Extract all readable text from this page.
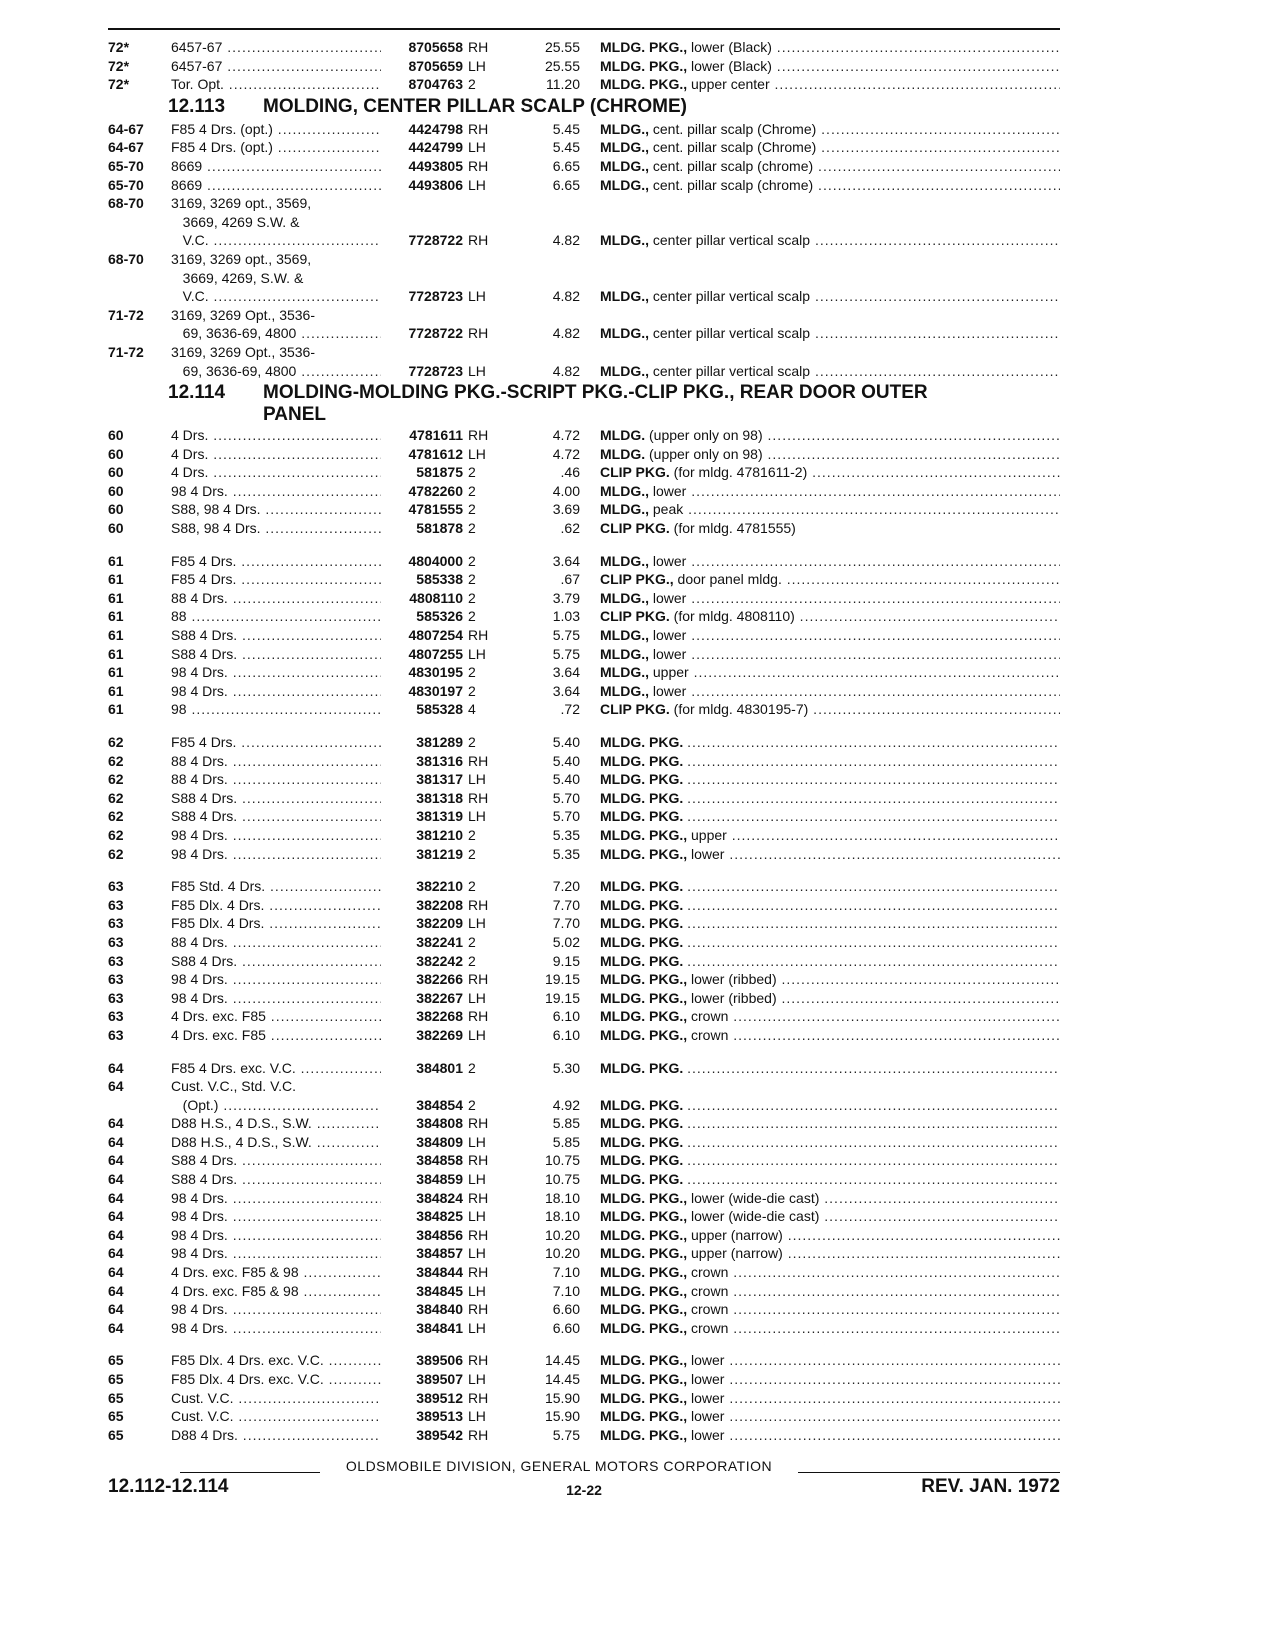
72*	6457-67 .....	8705658 RH	25.55 MLDG. PKG., lower (Black) .....
72*	6457-67 .....	8705659 LH	25.55 MLDG. PKG., lower (Black) .....
72*	Tor. Opt. .....	8704763 2	11.20 MLDG. PKG., upper center .....
12.113 MOLDING, CENTER PILLAR SCALP (CHROME)
64-67	F85 4 Drs. (opt.) .....	4424798 RH	5.45 MLDG., cent. pillar scalp (Chrome) .....
64-67	F85 4 Drs. (opt.) .....	4424799 LH	5.45 MLDG., cent. pillar scalp (Chrome) .....
65-70	8669 .....	4493805 RH	6.65 MLDG., cent. pillar scalp (chrome) .....
65-70	8669 .....	4493806 LH	6.65 MLDG., cent. pillar scalp (chrome) .....
68-70	3169, 3269 opt., 3569,
3669, 4269 S.W. &
V.C. .....	7728722 RH	4.82 MLDG., center pillar vertical scalp .....
68-70	3169, 3269 opt., 3569,
3669, 4269, S.W. &
V.C. .....	7728723 LH	4.82 MLDG., center pillar vertical scalp .....
71-72	3169, 3269 Opt., 3536-
69, 3636-69, 4800 .....	7728722 RH	4.82 MLDG., center pillar vertical scalp .....
71-72	3169, 3269 Opt., 3536-
69, 3636-69, 4800 .....	7728723 LH	4.82 MLDG., center pillar vertical scalp .....
12.114 MOLDING-MOLDING PKG.-SCRIPT PKG.-CLIP PKG., REAR DOOR OUTER
PANEL
60	4 Drs. .....	4781611 RH	4.72 MLDG. (upper only on 98) .....
60	4 Drs. .....	4781612 LH	4.72 MLDG. (upper only on 98) .....
60	4 Drs. .....	581875 2	.46 CLIP PKG. (for mldg. 4781611-2) .....
60	98 4 Drs. .....	4782260 2	4.00 MLDG., lower .....
60	S88, 98 4 Drs. .....	4781555 2	3.69 MLDG., peak .....
60	S88, 98 4 Drs. .....	581878 2	.62 CLIP PKG. (for mldg. 4781555)
61	F85 4 Drs. .....	4804000 2	3.64 MLDG., lower .....
61	F85 4 Drs. .....	585338 2	.67 CLIP PKG., door panel mldg. .....
61	88 4 Drs. .....	4808110 2	3.79 MLDG., lower .....
61	88 .....	585326 2	1.03 CLIP PKG. (for mldg. 4808110) .....
61	S88 4 Drs. .....	4807254 RH	5.75 MLDG., lower .....
61	S88 4 Drs. .....	4807255 LH	5.75 MLDG., lower .....
61	98 4 Drs. .....	4830195 2	3.64 MLDG., upper .....
61	98 4 Drs. .....	4830197 2	3.64 MLDG., lower .....
61	98 .....	585328 4	.72 CLIP PKG. (for mldg. 4830195-7) .....
62	F85 4 Drs. .....	381289 2	5.40 MLDG. PKG. .....
62	88 4 Drs. .....	381316 RH	5.40 MLDG. PKG. .....
62	88 4 Drs. .....	381317 LH	5.40 MLDG. PKG. .....
62	S88 4 Drs. .....	381318 RH	5.70 MLDG. PKG. .....
62	S88 4 Drs. .....	381319 LH	5.70 MLDG. PKG. .....
62	98 4 Drs. .....	381210 2	5.35 MLDG. PKG., upper .....
62	98 4 Drs. .....	381219 2	5.35 MLDG. PKG., lower .....
63	F85 Std. 4 Drs. .....	382210 2	7.20 MLDG. PKG. .....
63	F85 Dlx. 4 Drs. .....	382208 RH	7.70 MLDG. PKG. .....
63	F85 Dlx. 4 Drs. .....	382209 LH	7.70 MLDG. PKG. .....
63	88 4 Drs. .....	382241 2	5.02 MLDG. PKG. .....
63	S88 4 Drs. .....	382242 2	9.15 MLDG. PKG. .....
63	98 4 Drs. .....	382266 RH	19.15 MLDG. PKG., lower (ribbed) .....
63	98 4 Drs. .....	382267 LH	19.15 MLDG. PKG., lower (ribbed) .....
63	4 Drs. exc. F85 .....	382268 RH	6.10 MLDG. PKG., crown .....
63	4 Drs. exc. F85 .....	382269 LH	6.10 MLDG. PKG., crown .....
64	F85 4 Drs. exc. V.C. .....	384801 2	5.30 MLDG. PKG. .....
64	Cust. V.C., Std. V.C.
(Opt.) .....	384854 2	4.92 MLDG. PKG. .....
64	D88 H.S., 4 D.S., S.W. .....	384808 RH	5.85 MLDG. PKG. .....
64	D88 H.S., 4 D.S., S.W. .....	384809 LH	5.85 MLDG. PKG. .....
64	S88 4 Drs. .....	384858 RH	10.75 MLDG. PKG. .....
64	S88 4 Drs. .....	384859 LH	10.75 MLDG. PKG. .....
64	98 4 Drs. .....	384824 RH	18.10 MLDG. PKG., lower (wide-die cast) .....
64	98 4 Drs. .....	384825 LH	18.10 MLDG. PKG., lower (wide-die cast) .....
64	98 4 Drs. .....	384856 RH	10.20 MLDG. PKG., upper (narrow) .....
64	98 4 Drs. .....	384857 LH	10.20 MLDG. PKG., upper (narrow) .....
64	4 Drs. exc. F85 & 98 .....	384844 RH	7.10 MLDG. PKG., crown .....
64	4 Drs. exc. F85 & 98 .....	384845 LH	7.10 MLDG. PKG., crown .....
64	98 4 Drs. .....	384840 RH	6.60 MLDG. PKG., crown .....
64	98 4 Drs. .....	384841 LH	6.60 MLDG. PKG., crown .....
65	F85 Dlx. 4 Drs. exc. V.C. .....	389506 RH	14.45 MLDG. PKG., lower .....
65	F85 Dlx. 4 Drs. exc. V.C. .....	389507 LH	14.45 MLDG. PKG., lower .....
65	Cust. V.C. .....	389512 RH	15.90 MLDG. PKG., lower .....
65	Cust. V.C. .....	389513 LH	15.90 MLDG. PKG., lower .....
65	D88 4 Drs. .....	389542 RH	5.75 MLDG. PKG., lower .....
OLDSMOBILE DIVISION, GENERAL MOTORS CORPORATION
12.112-12.114	12-22	REV. JAN. 1972
